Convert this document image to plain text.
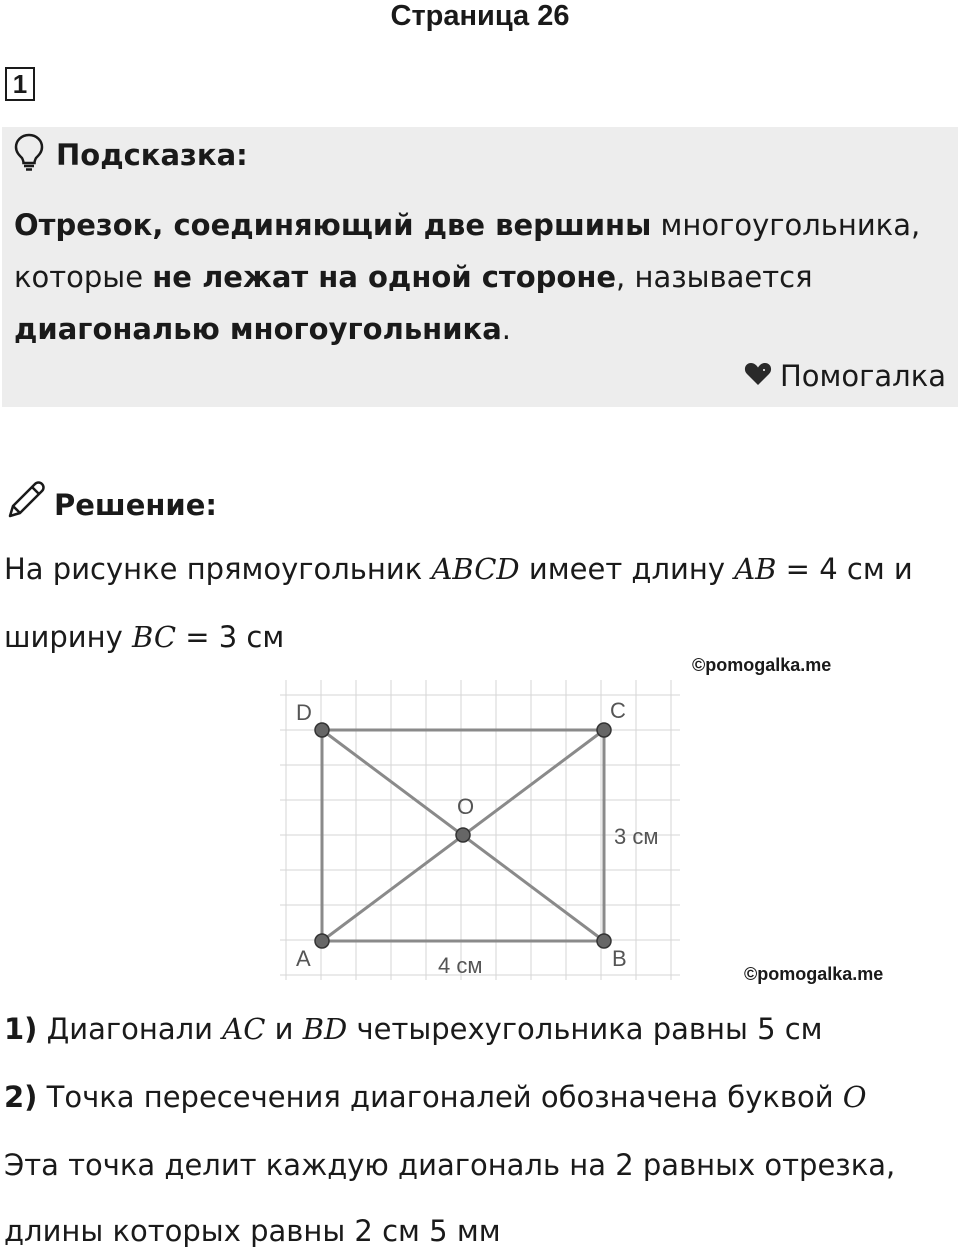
Страница 26
1
Подсказка:
Отрезок, соединяющий две вершины многоугольника, которые не лежат на одной стороне, называется диагональю многоугольника.
Помогалка
Решение:
На рисунке прямоугольник ABCD имеет длину AB = 4 см и
ширину BC = 3 см
©pomogalka.me
A	B
C
D
O
3 см
4 см	©pomogalka.me
1) Диагонали AC и BD четырехугольника равны 5 см
2) Точка пересечения диагоналей обозначена буквой O
Эта точка делит каждую диагональ на 2 равных отрезка,
длины которых равны 2 см 5 мм
